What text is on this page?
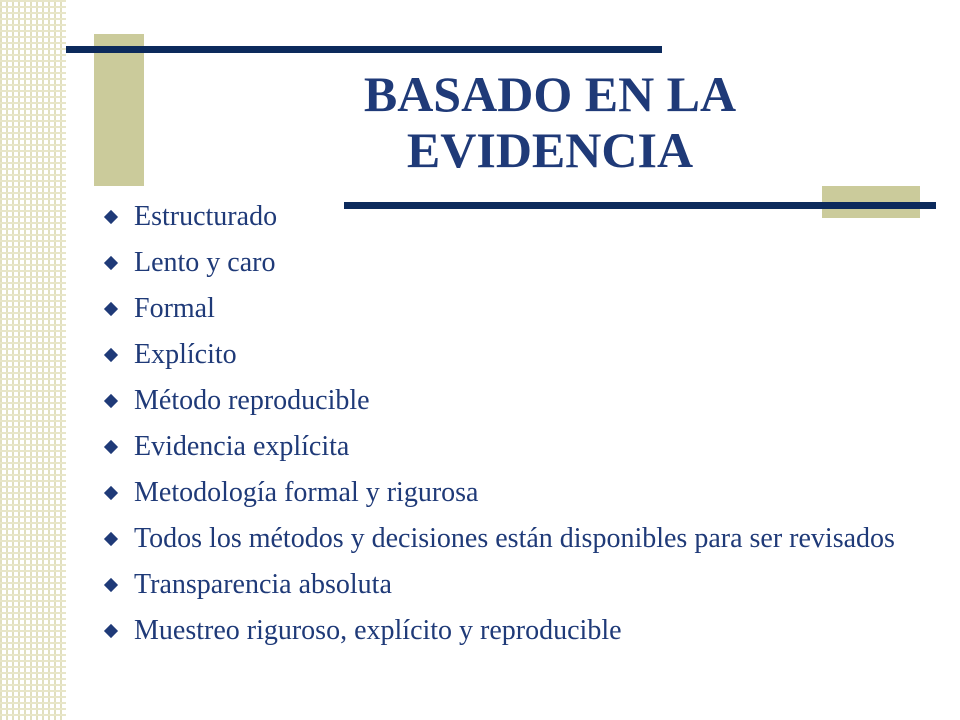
BASADO EN LA
EVIDENCIA
Estructurado
Lento y caro
Formal
Explícito
Método reproducible
Evidencia explícita
Metodología formal y rigurosa
Todos los métodos y decisiones están disponibles para ser revisados
Transparencia absoluta
Muestreo riguroso, explícito y reproducible
